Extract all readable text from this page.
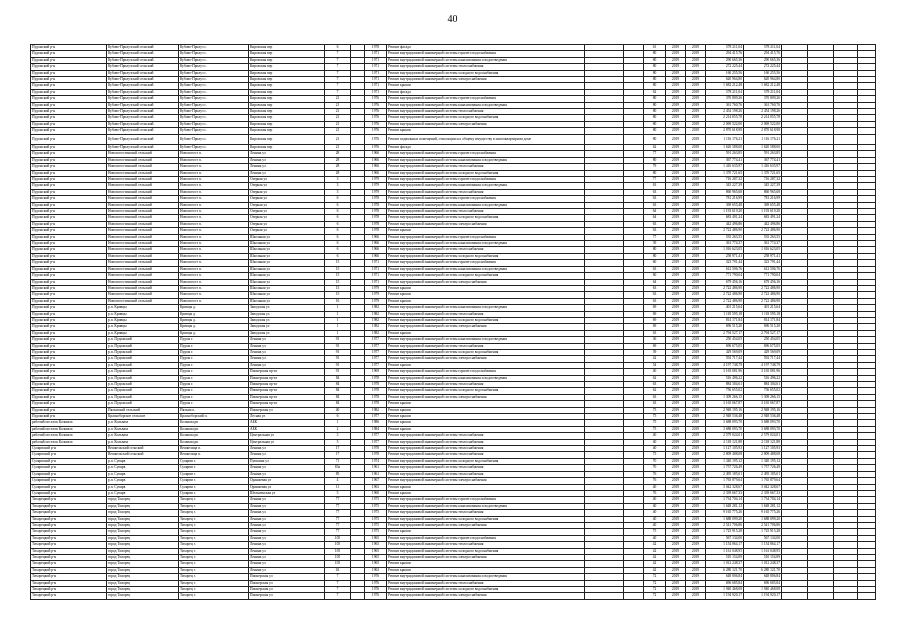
40
Пудожский р-н	Кубово-Прилузский сельский	Кубово-Прилуз с.	Кировская пер	6		1978	Ремонт фасада			61	2019	2019	578 211,04	578 211,04				
Пудожский р-н	Кубово-Прилузский сельский	Кубово-Прилуз с.	Кировская пер	7		1971	Ремонт внутридомовой инженерной системы горячего водоснабжения			80	2019	2019	294 415,76	294 415,76				
Пудожский р-н	Кубово-Прилузский сельский	Кубово-Прилуз с.	Кировская пер	7		1971	Ремонт внутридомовой инженерной системы канализования и водоотведения			80	2019	2019	290 665,36	290 665,36				
Пудожский р-н	Кубово-Прилузский сельский	Кубово-Прилуз с.	Кировская пер	7		1971	Ремонт внутридомовой инженерной системы теплоснабжения			80	2019	2019	272 225,44	272 225,44				
Пудожский р-н	Кубово-Прилузский сельский	Кубово-Прилуз с.	Кировская пер	7		1971	Ремонт внутридомовой инженерной системы холодного водоснабжения			80	2019	2019	160 255,56	160 255,56				
Пудожский р-н	Кубово-Прилузский сельский	Кубово-Прилуз с.	Кировская пер	7		1971	Ремонт внутридомовой инженерной системы электроснабжения			80	2019	2019	620 964,80	620 964,80				
Пудожский р-н	Кубово-Прилузский сельский	Кубово-Прилуз с.	Кировская пер	7		1971	Ремонт крыши			80	2019	2019	1 682 212,48	1 682 212,48				
Пудожский р-н	Кубово-Прилузский сельский	Кубово-Прилуз с.	Кировская пер	7		1971	Ремонт фасада			62	2019	2019	578 211,04	578 211,04				
Пудожский р-н	Кубово-Прилузский сельский	Кубово-Прилуз с.	Кировская пер	21		1976	Ремонт внутридомовой инженерной системы горячего водоснабжения			80	2019	2019	370 809,26	370 809,26				
Пудожский р-н	Кубово-Прилузский сельский	Кубово-Прилуз с.	Кировская пер	21		1976	Ремонт внутридомовой инженерной системы канализования и водоотведения			80	2019	2019	361 760,76	361 760,76				
Пудожский р-н	Кубово-Прилузский сельский	Кубово-Прилуз с.	Кировская пер	21		1976	Ремонт внутридомовой инженерной системы теплоснабжения			80	2019	2019	2 454 198,26	2 454 198,26				
Пудожский р-н	Кубово-Прилузский сельский	Кубово-Прилуз с.	Кировская пер	21		1976	Ремонт внутридомовой инженерной системы холодного водоснабжения			80	2019	2019	2 214 055,78	2 214 055,78				
Пудожский р-н	Кубово-Прилузский сельский	Кубово-Прилуз с.	Кировская пер	21		1976	Ремонт внутридомовой инженерной системы электроснабжения			80	2019	2019	2 069 522,00	2 069 522,00				
Пудожский р-н	Кубово-Прилузский сельский	Кубово-Прилуз с.	Кировская пер	21		1976	Ремонт крыши			80	2019	2019	2 870 618,98	2 870 618,98				
Пудожский р-н	Кубово-Прилузский сельский	Кубово-Прилуз с.	Кировская пер	21		1976	Ремонт подвальных помещений, относящихся к общему имуществу в многоквартирном доме			80	2019	2019	1 116 176,21	1 116 176,21				
Пудожский р-н	Кубово-Прилузский сельский	Кубово-Прилуз с.	Кировская пер	21		1976	Ремонт фасада			62	2019	2019	1 620 588,00	1 620 588,00				
Пудожский р-н	Новопогостинский сельский	Новопогост п.	Ленина ул	28		1966	Ремонт внутридомовой инженерной системы горячего водоснабжения			77	2019	2019	591 263,85	591 263,85				
Пудожский р-н	Новопогостинский сельский	Новопогост п.	Ленина ул	28		1966	Ремонт внутридомовой инженерной системы канализования и водоотведения			80	2019	2019	367 774,41	367 774,41				
Пудожский р-н	Новопогостинский сельский	Новопогост п.	Ленина ул	28		1966	Ремонт внутридомовой инженерной системы теплоснабжения			79	2019	2019	1 416 635,97	1 416 635,97				
Пудожский р-н	Новопогостинский сельский	Новопогост п.	Ленина ул	28		1966	Ремонт внутридомовой инженерной системы холодного водоснабжения			80	2019	2019	1 370 721,65	1 370 721,65				
Пудожский р-н	Новопогостинский сельский	Новопогост п.	Озерная ул	3		1979	Ремонт внутридомовой инженерной системы горячего водоснабжения			77	2019	2019	716 287,32	716 287,32				
Пудожский р-н	Новопогостинский сельский	Новопогост п.	Озерная ул	3		1979	Ремонт внутридомовой инженерной системы канализования и водоотведения			63	2019	2019	345 227,39	345 227,39				
Пудожский р-н	Новопогостинский сельский	Новопогост п.	Озерная ул	3		1979	Ремонт внутридомовой инженерной системы теплоснабжения			63	2019	2019	860 965,68	860 965,68				
Пудожский р-н	Новопогостинский сельский	Новопогост п.	Озерная ул	6		1978	Ремонт внутридомовой инженерной системы горячего водоснабжения			63	2019	2019	781 216,99	781 216,99				
Пудожский р-н	Новопогостинский сельский	Новопогост п.	Озерная ул	6		1978	Ремонт внутридомовой инженерной системы канализования и водоотведения			63	2019	2019	369 655,48	369 655,48				
Пудожский р-н	Новопогостинский сельский	Новопогост п.	Озерная ул	6		1978	Ремонт внутридомовой инженерной системы теплоснабжения			64	2019	2019	1 193 619,20	1 193 619,20				
Пудожский р-н	Новопогостинский сельский	Новопогост п.	Озерная ул	6		1978	Ремонт внутридомовой инженерной системы холодного водоснабжения			64	2019	2019	683 491,24	683 491,24				
Пудожский р-н	Новопогостинский сельский	Новопогост п.	Озерная ул	6		1978	Ремонт внутридомовой инженерной системы электроснабжения			63	2019	2019	442 496,86	442 496,86				
Пудожский р-н	Новопогостинский сельский	Новопогост п.	Озерная ул	6		1978	Ремонт крыши			63	2019	2019	2 722 486,90	2 722 486,90				
Пудожский р-н	Новопогостинский сельский	Новопогост п.	Школьная ул	6		1966	Ремонт внутридомовой инженерной системы горячего водоснабжения			77	2019	2019	535 263,55	535 263,55				
Пудожский р-н	Новопогостинский сельский	Новопогост п.	Школьная ул	6		1966	Ремонт внутридомовой инженерной системы канализования и водоотведения			39	2019	2019	361 774,37	361 774,37				
Пудожский р-н	Новопогостинский сельский	Новопогост п.	Школьная ул	6		1966	Ремонт внутридомовой инженерной системы теплоснабжения			80	2019	2019	1 016 623,05	1 016 623,05				
Пудожский р-н	Новопогостинский сельский	Новопогост п.	Школьная ул	6		1966	Ремонт внутридомовой инженерной системы холодного водоснабжения			80	2019	2019	258 971,41	258 971,41				
Пудожский р-н	Новопогостинский сельский	Новопогост п.	Школьная ул	15		1971	Ремонт внутридомовой инженерной системы горячего водоснабжения			60	2019	2019	323 791,44	323 791,44				
Пудожский р-н	Новопогостинский сельский	Новопогост п.	Школьная ул	15		1971	Ремонт внутридомовой инженерной системы канализования и водоотведения			63	2019	2019	612 506,76	612 506,76				
Пудожский р-н	Новопогостинский сельский	Новопогост п.	Школьная ул	15		1971	Ремонт внутридомовой инженерной системы холодного водоснабжения			60	2019	2019	771 790,04	771 790,04				
Пудожский р-н	Новопогостинский сельский	Новопогост п.	Школьная ул	15		1971	Ремонт внутридомовой инженерной системы электроснабжения			64	2019	2019	679 456,16	679 456,16				
Пудожский р-н	Новопогостинский сельский	Новопогост п.	Школьная ул	15		1979	Ремонт крыши			63	2019	2019	2 722 486,90	2 722 486,90				
Пудожский р-н	Новопогостинский сельский	Новопогост п.	Школьная ул	15		1979	Ремонт крыши			63	2019	2019	2 722 486,90	2 722 486,90				
Пудожский р-н	Новопогостинский сельский	Новопогост п.	Школьная ул	16		1979	Ремонт крыши			63	2019	2019	2 722 486,90	2 722 486,90				
Пудожский р-н	р.п. Кривцы	Кривцы д.	Заводская ул	1		1982	Ремонт внутридомовой инженерной системы канализования и водоотведения			69	2019	2019	401 215,64	401 215,64				
Пудожский р-н	р.п. Кривцы	Кривцы д.	Заводская ул	1		1982	Ремонт внутридомовой инженерной системы теплоснабжения			69	2019	2019	1 118 595,18	1 118 595,18				
Пудожский р-н	р.п. Кривцы	Кривцы д.	Заводская ул	1		1982	Ремонт внутридомовой инженерной системы холодного водоснабжения			69	2019	2019	814 171,84	814 171,84				
Пудожский р-н	р.п. Кривцы	Кривцы д.	Заводская ул	1		1982	Ремонт внутридомовой инженерной системы электроснабжения			69	2019	2019	696 515,20	696 515,20				
Пудожский р-н	р.п. Кривцы	Кривцы д.	Заводская ул	1		1982	Ремонт крыши			63	2019	2019	2 794 527,17	2 794 527,17				
Пудожский р-н	р.п. Пудожский	Пудож г.	Ленина ул	91		1977	Ремонт внутридомовой инженерной системы канализования и водоотведения			36	2019	2019	250 454,05	250 454,05				
Пудожский р-н	р.п. Пудожский	Пудож г.	Ленина ул	91		1977	Ремонт внутридомовой инженерной системы теплоснабжения			69	2019	2019	696 675,05	696 675,05				
Пудожский р-н	р.п. Пудожский	Пудож г.	Ленина ул	91		1977	Ремонт внутридомовой инженерной системы холодного водоснабжения			39	2019	2019	429 569,09	429 569,09				
Пудожский р-н	р.п. Пудожский	Пудож г.	Ленина ул	91		1977	Ремонт внутридомовой инженерной системы электроснабжения			42	2019	2019	592 717,44	592 717,44				
Пудожский р-н	р.п. Пудожский	Пудож г.	Ленина ул	91		1977	Ремонт крыши			54	2019	2019	4 197 748,79	4 197 748,79				
Пудожский р-н	р.п. Пудожский	Пудож г.	Пионерская пр-кт	91		1969	Ремонт внутридомовой инженерной системы горячего водоснабжения			40	2019	2019	3 165 081,96	3 165 081,96				
Пудожский р-н	р.п. Пудожский	Пудож г.	Пионерская пр-кт	84		1978	Ремонт внутридомовой инженерной системы канализования и водоотведения			62	2019	2019	516 496,22	516 496,22				
Пудожский р-н	р.п. Пудожский	Пудож г.	Пионерская пр-кт	84		1978	Ремонт внутридомовой инженерной системы теплоснабжения			63	2019	2019	884 304,61	884 304,61				
Пудожский р-н	р.п. Пудожский	Пудож г.	Пионерская пр-кт	84		1978	Ремонт внутридомовой инженерной системы холодного водоснабжения			62	2019	2019	756 655,02	756 655,02				
Пудожский р-н	р.п. Пудожский	Пудож г.	Пионерская пр-кт	84		1978	Ремонт внутридомовой инженерной системы электроснабжения			63	2019	2019	1 309 266,15	1 309 266,15				
Пудожский р-н	р.п. Пудожский	Пудож г.	Пионерская пр-кт	84		1978	Ремонт крыши			63	2019	2019	3 165 067,87	3 165 067,87				
Пудожский р-н	Пяльмский сельский	Пяльма п.	Пионерская ул	40		1982	Ремонт крыши			75	2019	2019	2 948 195,16	2 948 195,16				
Пудожский р-н	Красноборское сельское	Красноборский п.	Лесная ул	6		1977	Ремонт крыши			75	2019	2019	2 948 536,48	2 948 536,48				
рабочий поселок Кольваза	р.п. Кольваза	Кольваза рп	АБК	1		1986	Ремонт крыши			75	2019	2019	3 688 093,70	3 688 093,70				
рабочий поселок Кольваза	р.п. Кольваза	Кольваза рп	АБК	2		1984	Ремонт крыши			75	2019	2019	3 688 093,70	3 688 093,70				
рабочий поселок Кольваза	р.п. Кольваза	Кольваза рп	Центральная ул	3		1977	Ремонт внутридомовой инженерной системы теплоснабжения			40	2019	2019	2 579 024,01	2 579 024,01				
рабочий поселок Кольваза	р.п. Кольваза	Кольваза рп	Центральная ул	5		1977	Ремонт внутридомовой инженерной системы теплоснабжения			40	2019	2019	2 118 121,88	2 118 121,88				
Суоярвский р-н	Вешкельский сельский	Вешкелица п.	Ленина ул	17		1978	Ремонт внутридомовой инженерной системы теплоснабжения			40	2019	2019	1 127 105,93	1 127 105,93				
Суоярвский р-н	Вешкельский сельский	Вешкелица п.	Ленина ул	17		1978	Ремонт внутридомовой инженерной системы теплоснабжения			75	2019	2019	2 809 488,08	2 809 488,08				
Суоярвский р-н	р.п. Суоярв	Суоярви г.	Пушкина ул	71		1974	Ремонт внутридомовой инженерной системы холодного водоснабжения			70	2019	2019	1 340 195,12	1 340 195,12				
Суоярвский р-н	р.п. Суоярв	Суоярви г.	Ленина ул	83а		1961	Ремонт внутридомовой инженерной системы теплоснабжения			70	2019	2019	1 757 726,49	1 757 726,49				
Суоярвский р-н	р.п. Суоярв	Суоярви г.	Ленина ул	85		1961	Ремонт внутридомовой инженерной системы теплоснабжения			76	2019	2019	2 495 185,01	2 495 185,01				
Суоярвский р-н	р.п. Суоярв	Суоярви г.	Оранжевая ул	4		1967	Ремонт внутридомовой инженерной системы электроснабжения			76	2019	2019	1 765 879,64	1 765 879,64				
Суоярвский р-н	р.п. Суоярв	Суоярви г.	Оранжевая ул	11		1963	Ремонт крыши			40	2019	2019	3 042 328,67	3 042 328,67				
Суоярвский р-н	р.п. Суоярв	Суоярви г.	Шельменская ул	5		1960	Ремонт крыши			76	2019	2019	2 339 667,33	2 339 667,33				
Тихорецкий р-н	город Тихорец	Тихорец г.	Ленина ул	77		1975	Ремонт внутридомовой инженерной системы горячего водоснабжения			40	2019	2019	1 734 704,14	1 734 704,14				
Тихорецкий р-н	город Тихорец	Тихорец г.	Ленина ул	77		1975	Ремонт внутридомовой инженерной системы канализования и водоотведения			40	2019	2019	1 648 281,12	1 648 281,12				
Тихорецкий р-н	город Тихорец	Тихорец г.	Ленина ул	77		1975	Ремонт внутридомовой инженерной системы теплоснабжения			40	2019	2019	9 165 775,26	9 165 775,26				
Тихорецкий р-н	город Тихорец	Тихорец г.	Ленина ул	77		1975	Ремонт внутридомовой инженерной системы холодного водоснабжения			40	2019	2019	1 688 099,20	1 688 099,20				
Тихорецкий р-н	город Тихорец	Тихорец г.	Ленина ул	77		1975	Ремонт внутридомовой инженерной системы электроснабжения			40	2019	2019	2 541 706,86	2 541 706,86				
Тихорецкий р-н	город Тихорец	Тихорец г.	Ленина ул	77		1975	Ремонт крыши			75	2019	2019	1 725 915,28	1 725 915,28				
Тихорецкий р-н	город Тихорец	Тихорец г.	Ленина ул	105		1965	Ремонт внутридомовой инженерной системы горячего водоснабжения			40	2019	2019	567 134,00	567 134,00				
Тихорецкий р-н	город Тихорец	Тихорец г.	Ленина ул	105		1965	Ремонт внутридомовой инженерной системы теплоснабжения			42	2019	2019	1 154 864,17	1 154 864,17				
Тихорецкий р-н	город Тихорец	Тихорец г.	Ленина ул	105		1965	Ремонт внутридомовой инженерной системы холодного водоснабжения			42	2019	2019	1 161 048,95	1 161 048,95				
Тихорецкий р-н	город Тихорец	Тихорец г.	Ленина ул	105		1965	Ремонт внутридомовой инженерной системы электроснабжения			42	2019	2019	510 154,89	510 154,89				
Тихорецкий р-н	город Тихорец	Тихорец г.	Ленина ул	105		1965	Ремонт крыши			42	2019	2019	1 012 248,37	1 012 248,37				
Тихорецкий р-н	город Тихорец	Тихорец г.	Ленина ул	63		1963	Ремонт крыши			42	2019	2019	6 280 121,70	6 280 121,70				
Тихорецкий р-н	город Тихорец	Тихорец г.	Пионерская ул	7		1976	Ремонт внутридомовой инженерной системы канализования и водоотведения			72	2019	2019	648 806,84	648 806,84				
Тихорецкий р-н	город Тихорец	Тихорец г.	Пионерская ул	7		1976	Ремонт внутридомовой инженерной системы теплоснабжения			72	2019	2019	696 685,84	696 685,84				
Тихорецкий р-н	город Тихорец	Тихорец г.	Пионерская ул	7		1976	Ремонт внутридомовой инженерной системы холодного водоснабжения			72	2019	2019	1 940 468,08	1 940 468,08				
Тихорецкий р-н	город Тихорец	Тихорец г.	Пионерская ул	7		1976	Ремонт внутридомовой инженерной системы электроснабжения			72	2019	2019	1 194 920,17	1 194 920,17				
